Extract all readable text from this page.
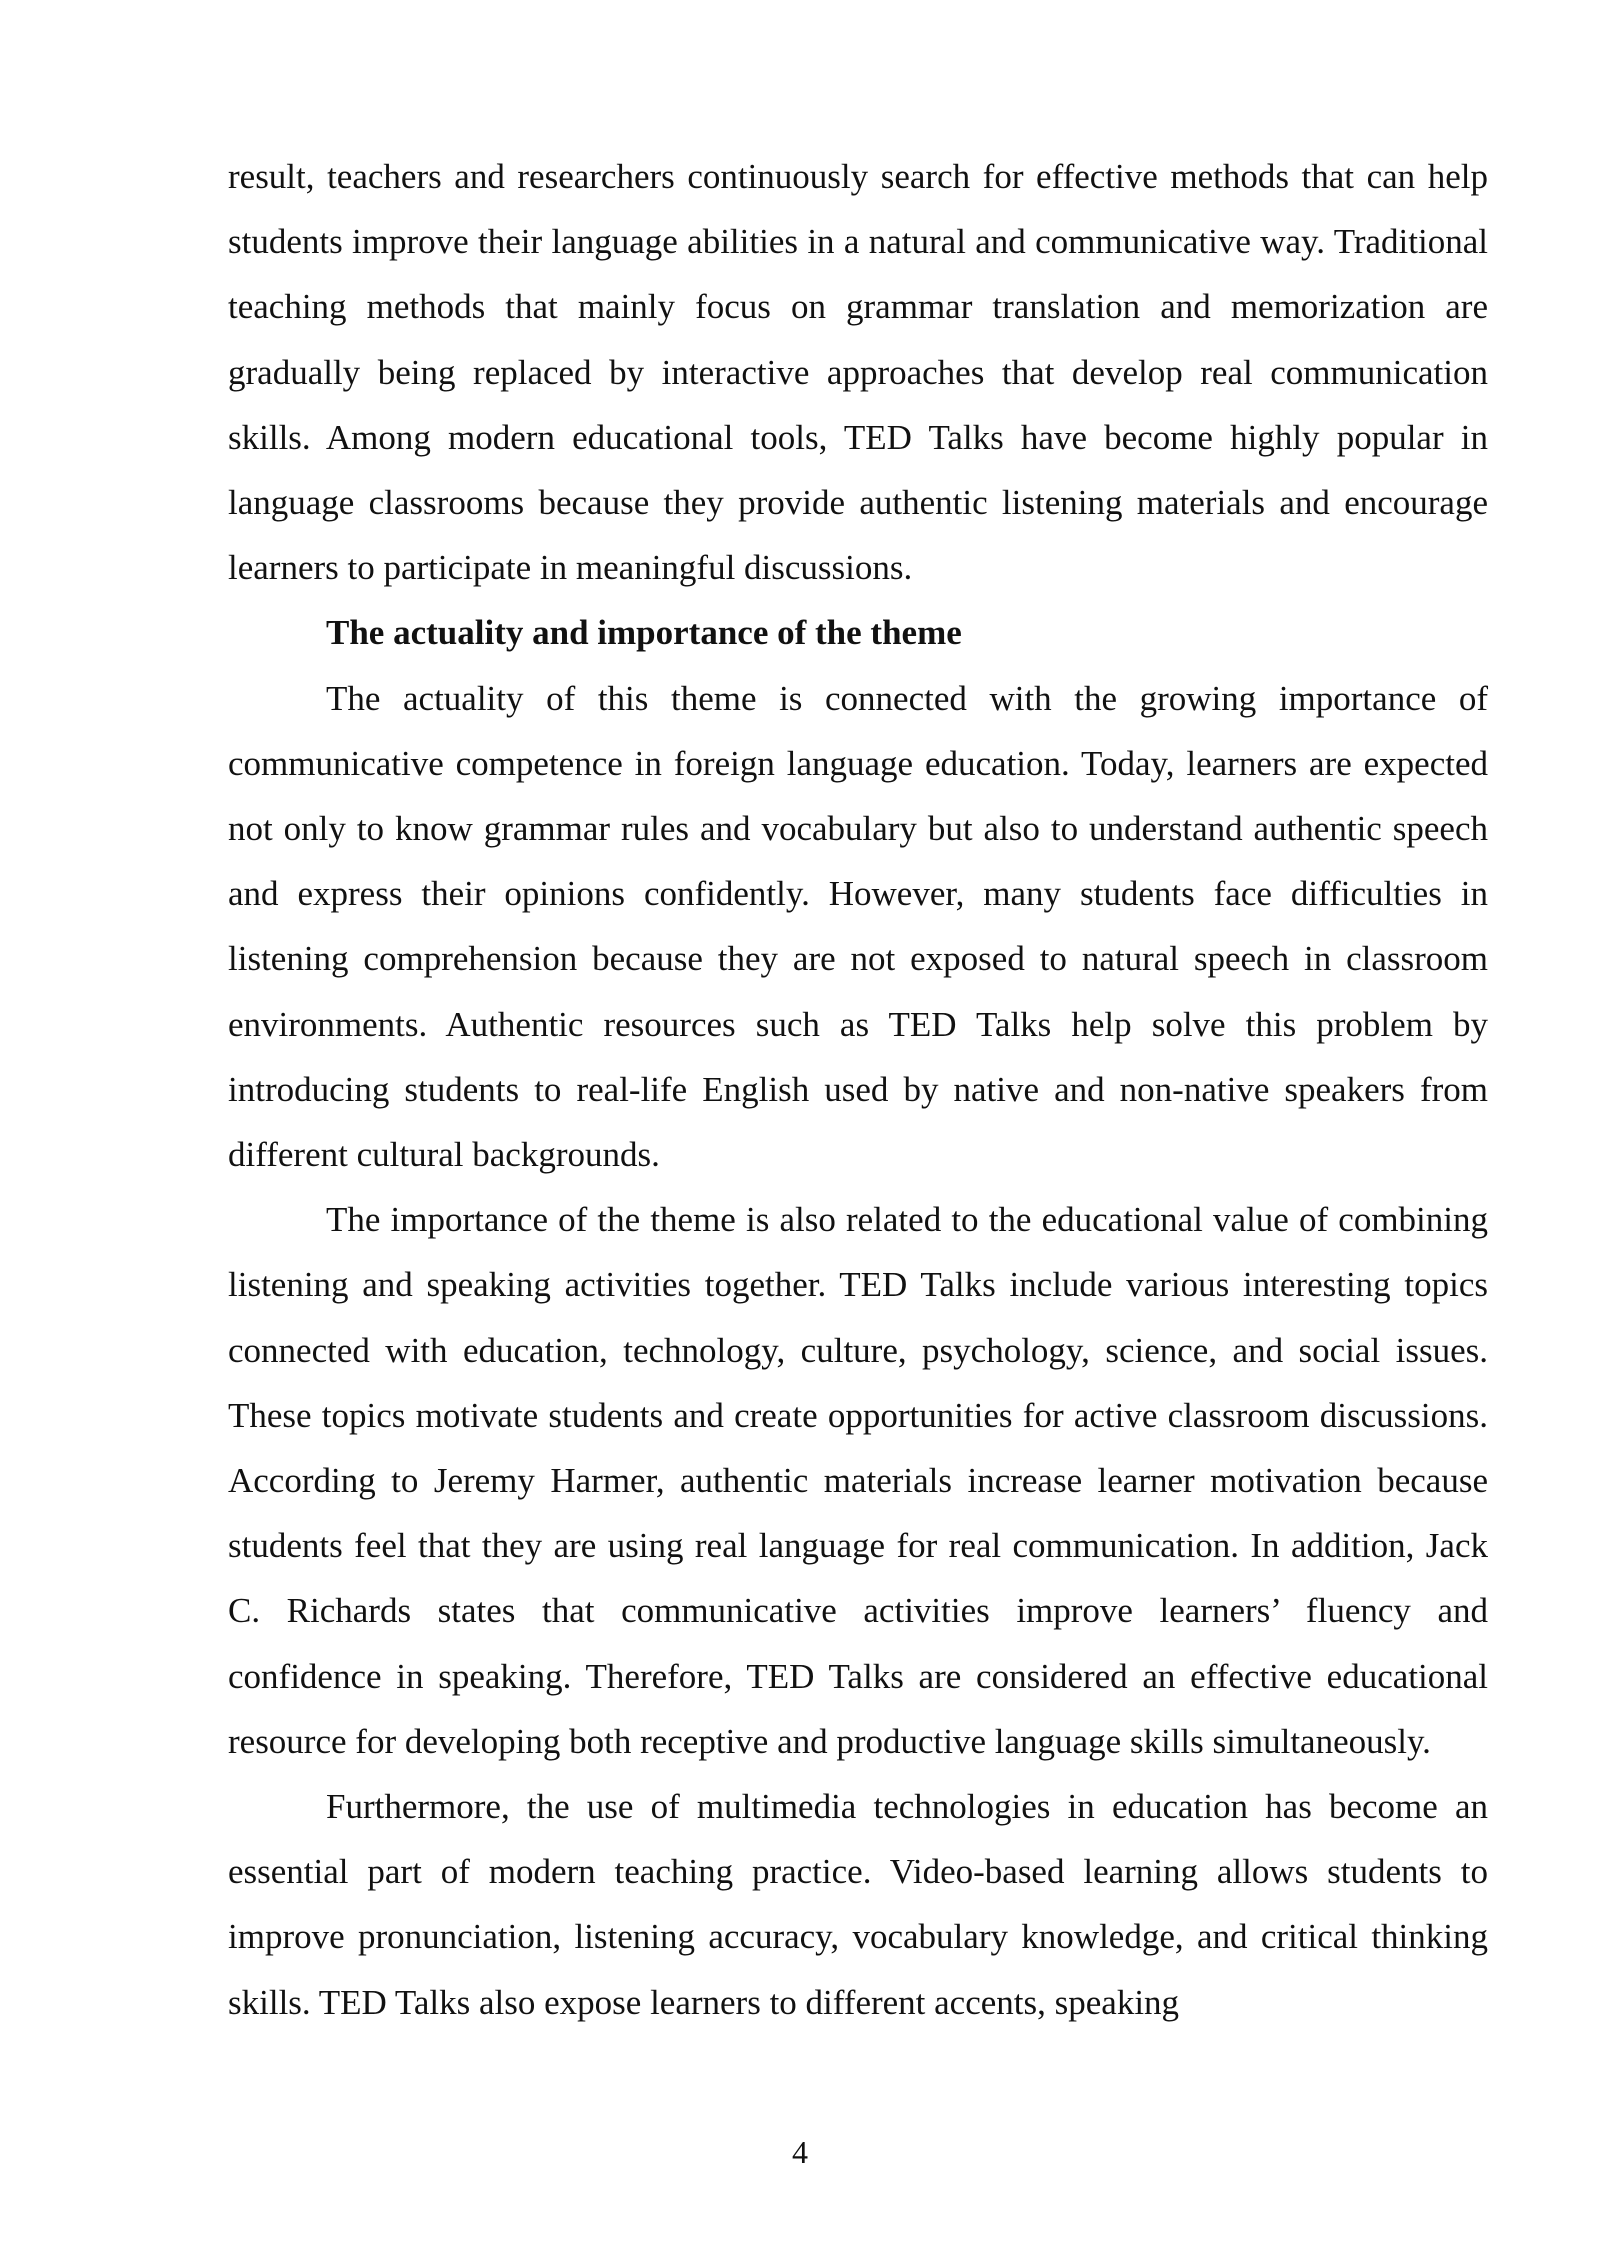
result, teachers and researchers continuously search for effective methods that can help students improve their language abilities in a natural and communicative way. Traditional teaching methods that mainly focus on grammar translation and memorization are gradually being replaced by interactive approaches that develop real communication skills. Among modern educational tools, TED Talks have become highly popular in language classrooms because they provide authentic listening materials and encourage learners to participate in meaningful discussions.

The actuality and importance of the theme

The actuality of this theme is connected with the growing importance of communicative competence in foreign language education. Today, learners are expected not only to know grammar rules and vocabulary but also to understand authentic speech and express their opinions confidently. However, many students face difficulties in listening comprehension because they are not exposed to natural speech in classroom environments. Authentic resources such as TED Talks help solve this problem by introducing students to real-life English used by native and non-native speakers from different cultural backgrounds.

The importance of the theme is also related to the educational value of combining listening and speaking activities together. TED Talks include various interesting topics connected with education, technology, culture, psychology, science, and social issues. These topics motivate students and create opportunities for active classroom discussions. According to Jeremy Harmer, authentic materials increase learner motivation because students feel that they are using real language for real communication. In addition, Jack C. Richards states that communicative activities improve learners’ fluency and confidence in speaking. Therefore, TED Talks are considered an effective educational resource for developing both receptive and productive language skills simultaneously.

Furthermore, the use of multimedia technologies in education has become an essential part of modern teaching practice. Video-based learning allows students to improve pronunciation, listening accuracy, vocabulary knowledge, and critical thinking skills. TED Talks also expose learners to different accents, speaking

4
